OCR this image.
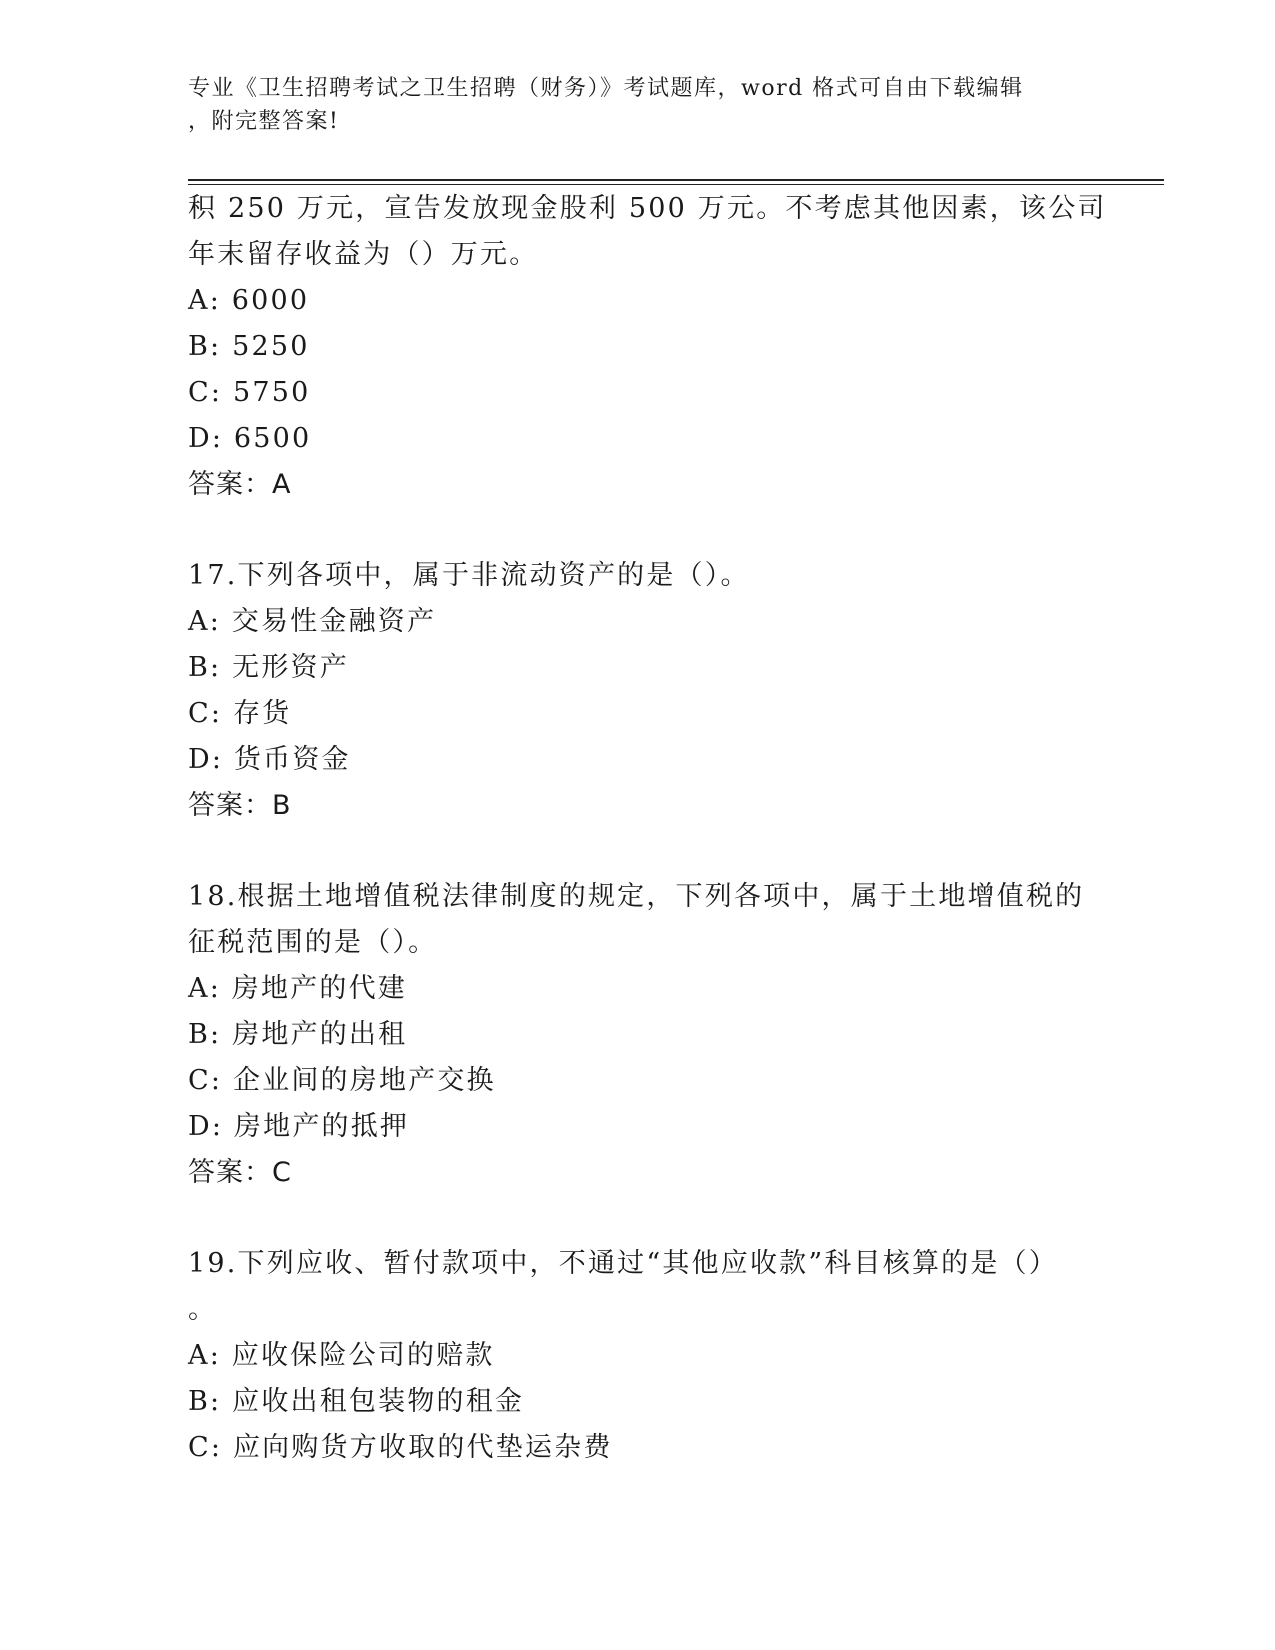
专业《卫生招聘考试之卫生招聘（财务）》考试题库，word 格式可自由下载编辑
，附完整答案!
积 250 万元，宣告发放现金股利 500 万元。不考虑其他因素，该公司
年末留存收益为（）万元。
A: 6000
B: 5250
C: 5750
D: 6500
答案：A
17.下列各项中，属于非流动资产的是（）。
A: 交易性金融资产
B: 无形资产
C: 存货
D: 货币资金
答案：B
18.根据土地增值税法律制度的规定，下列各项中，属于土地增值税的
征税范围的是（）。
A: 房地产的代建
B: 房地产的出租
C: 企业间的房地产交换
D: 房地产的抵押
答案：C
19.下列应收、暂付款项中，不通过“其他应收款”科目核算的是（）
。
A: 应收保险公司的赔款
B: 应收出租包装物的租金
C: 应向购货方收取的代垫运杂费
